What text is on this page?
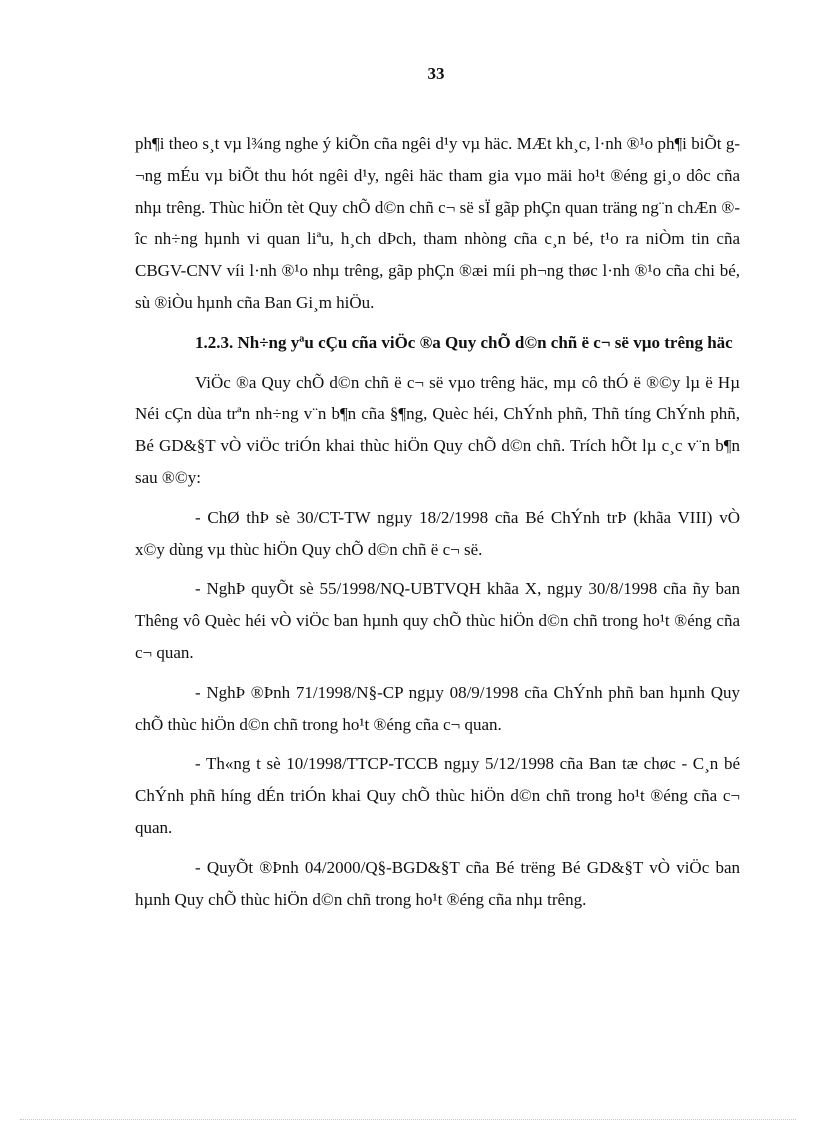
33

ph¶i theo s¸t vµ l¾ng nghe ý kiÕn cña ngêi d¹y vµ häc. MÆt kh¸c, l·nh ®¹o ph¶i biÕt g¬ng mÉu vµ biÕt thu hót ngêi d¹y, ngêi häc tham gia vµo mäi ho¹t ®éng gi¸o dôc cña nhµ trêng. Thùc hiÖn tèt Quy chÕ d©n chñ c¬ së sÏ gãp phÇn quan träng ng¨n chÆn ®îc nh÷ng hµnh vi quan liªu, h¸ch dÞch, tham nhòng cña c¸n bé, t¹o ra niÒm tin cña CBGV-CNV víi l·nh ®¹o nhµ trêng, gãp phÇn ®æi míi ph¬ng thøc l·nh ®¹o cña chi bé, sù ®iÒu hµnh cña Ban Gi¸m hiÖu.

1.2.3. Nh÷ng yªu cÇu cña viÖc ®a Quy chÕ d©n chñ ë c¬ së vµo trêng häc

ViÖc ®a Quy chÕ d©n chñ ë c¬ së vµo trêng häc, mµ cô thÓ ë ®©y lµ ë Hµ Néi cÇn dùa trªn nh÷ng v¨n b¶n cña §¶ng, Quèc héi, ChÝnh phñ, Thñ tíng ChÝnh phñ, Bé GD&§T vÒ viÖc triÓn khai thùc hiÖn Quy chÕ d©n chñ. Trích hÕt lµ c¸c v¨n b¶n sau ®©y:

- ChØ thÞ sè 30/CT-TW ngµy 18/2/1998 cña Bé ChÝnh trÞ (khãa VIII) vÒ x©y dùng vµ thùc hiÖn Quy chÕ d©n chñ ë c¬ së.

- NghÞ quyÕt sè 55/1998/NQ-UBTVQH khãa X, ngµy 30/8/1998 cña ñy ban Thêng vô Quèc héi vÒ viÖc ban hµnh quy chÕ thùc hiÖn d©n chñ trong ho¹t ®éng cña c¬ quan.

- NghÞ ®Þnh 71/1998/N§-CP ngµy 08/9/1998 cña ChÝnh phñ ban hµnh Quy chÕ thùc hiÖn d©n chñ trong ho¹t ®éng cña c¬ quan.

- Th«ng t sè 10/1998/TTCP-TCCB ngµy 5/12/1998 cña Ban tæ chøc - C¸n bé ChÝnh phñ híng dÉn triÓn khai Quy chÕ thùc hiÖn d©n chñ trong ho¹t ®éng cña c¬ quan.

- QuyÕt ®Þnh 04/2000/Q§-BGD&§T cña Bé trëng Bé GD&§T vÒ viÖc ban hµnh Quy chÕ thùc hiÖn d©n chñ trong ho¹t ®éng cña nhµ trêng.
